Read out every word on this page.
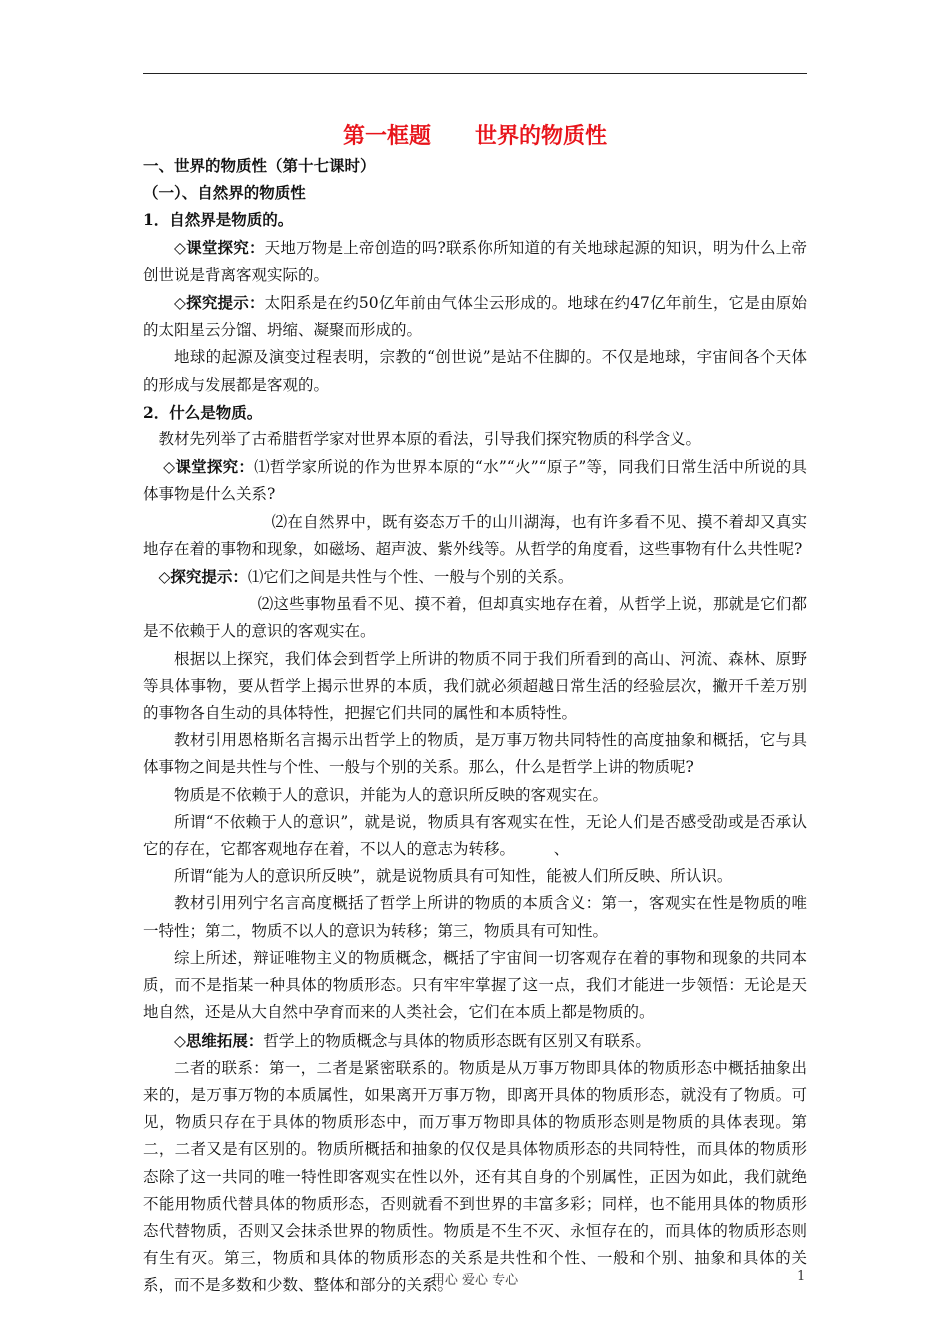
第一框题　　世界的物质性

一、世界的物质性（第十七课时）

（一）、自然界的物质性

1．自然界是物质的。

◇课堂探究：天地万物是上帝创造的吗?联系你所知道的有关地球起源的知识，明为什么上帝创世说是背离客观实际的。

◇探究提示：太阳系是在约50亿年前由气体尘云形成的。地球在约47亿年前生，它是由原始的太阳星云分馏、坍缩、凝聚而形成的。

地球的起源及演变过程表明，宗教的“创世说”是站不住脚的。不仅是地球，宇宙间各个天体的形成与发展都是客观的。

2．什么是物质。

教材先列举了古希腊哲学家对世界本原的看法，引导我们探究物质的科学含义。

◇课堂探究：⑴哲学家所说的作为世界本原的“水”“火”“原子”等，同我们日常生活中所说的具体事物是什么关系?

⑵在自然界中，既有姿态万千的山川湖海，也有许多看不见、摸不着却又真实地存在着的事物和现象，如磁场、超声波、紫外线等。从哲学的角度看，这些事物有什么共性呢?

◇探究提示：⑴它们之间是共性与个性、一般与个别的关系。

⑵这些事物虽看不见、摸不着，但却真实地存在着，从哲学上说，那就是它们都是不依赖于人的意识的客观实在。

根据以上探究，我们体会到哲学上所讲的物质不同于我们所看到的高山、河流、森林、原野等具体事物，要从哲学上揭示世界的本质，我们就必须超越日常生活的经验层次，撇开千差万别的事物各自生动的具体特性，把握它们共同的属性和本质特性。

教材引用恩格斯名言揭示出哲学上的物质，是万事万物共同特性的高度抽象和概括，它与具体事物之间是共性与个性、一般与个别的关系。那么，什么是哲学上讲的物质呢?

物质是不依赖于人的意识，并能为人的意识所反映的客观实在。

所谓“不依赖于人的意识”，就是说，物质具有客观实在性，无论人们是否感受劭或是否承认它的存在，它都客观地存在着，不以人的意志为转移。　　　、

所谓“能为人的意识所反映”，就是说物质具有可知性，能被人们所反映、所认识。

教材引用列宁名言高度概括了哲学上所讲的物质的本质含义：第一，客观实在性是物质的唯一特性；第二，物质不以人的意识为转移；第三，物质具有可知性。

综上所述，辩证唯物主义的物质概念，概括了宇宙间一切客观存在着的事物和现象的共同本质，而不是指某一种具体的物质形态。只有牢牢掌握了这一点，我们才能进一步领悟：无论是天地自然，还是从大自然中孕育而来的人类社会，它们在本质上都是物质的。

◇思维拓展：哲学上的物质概念与具体的物质形态既有区别又有联系。

二者的联系：第一，二者是紧密联系的。物质是从万事万物即具体的物质形态中概括抽象出来的，是万事万物的本质属性，如果离开万事万物，即离开具体的物质形态，就没有了物质。可见，物质只存在于具体的物质形态中，而万事万物即具体的物质形态则是物质的具体表现。第二，二者又是有区别的。物质所概括和抽象的仅仅是具体物质形态的共同特性，而具体的物质形态除了这一共同的唯一特性即客观实在性以外，还有其自身的个别属性，正因为如此，我们就绝不能用物质代替具体的物质形态，否则就看不到世界的丰富多彩；同样，也不能用具体的物质形态代替物质，否则又会抹杀世界的物质性。物质是不生不灭、永恒存在的，而具体的物质形态则有生有灭。第三，物质和具体的物质形态的关系是共性和个性、一般和个别、抽象和具体的关系，而不是多数和少数、整体和部分的关系。

用心 爱心 专心	1
